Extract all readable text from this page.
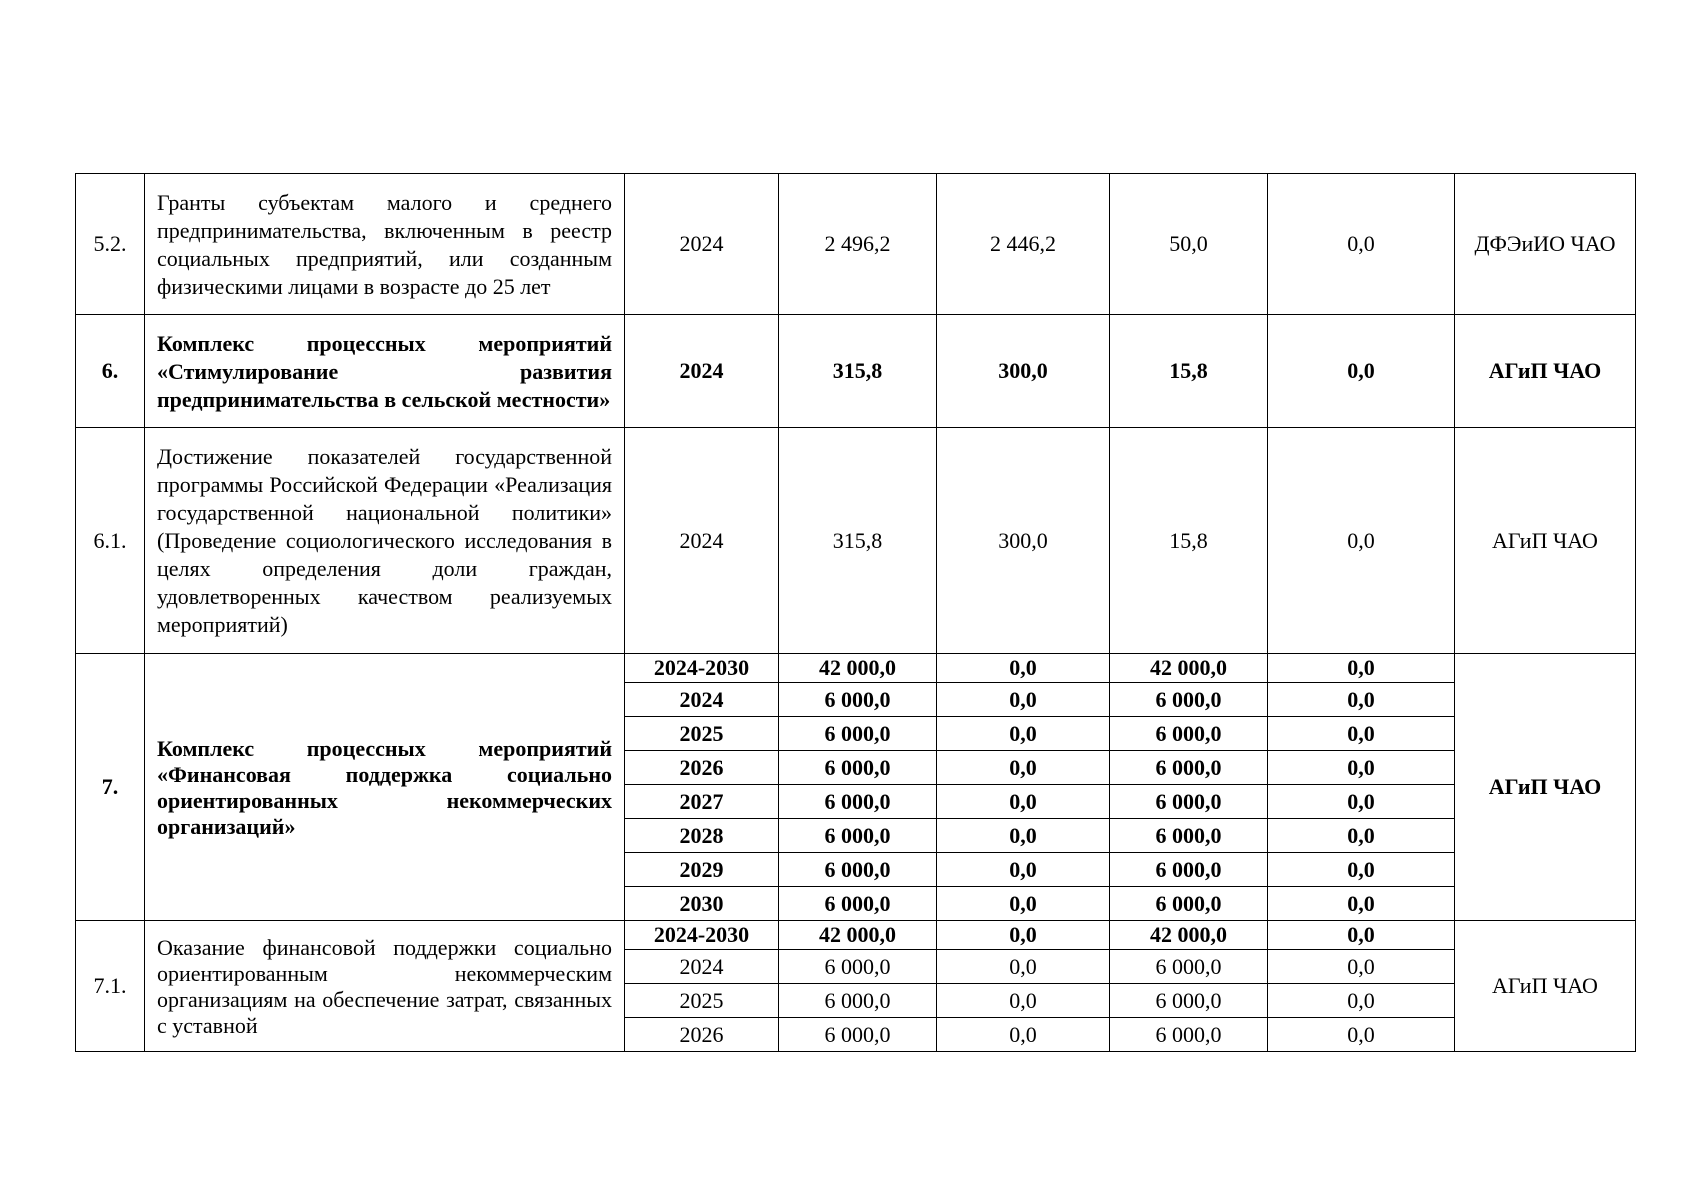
5.2.	Гранты субъектам малого и среднего предпринимательства, включенным в реестр социальных предприятий, или созданным физическими лицами в возрасте до 25 лет	2024	2 496,2	2 446,2	50,0	0,0	ДФЭиИО ЧАО
6.	Комплекс процессных мероприятий «Стимулирование развития предпринимательства в сельской местности»	2024	315,8	300,0	15,8	0,0	АГиП ЧАО
6.1.	Достижение показателей государственной программы Российской Федерации «Реализация государственной национальной политики» (Проведение социологического исследования в целях определения доли граждан, удовлетворенных качеством реализуемых мероприятий)	2024	315,8	300,0	15,8	0,0	АГиП ЧАО
7.	Комплекс процессных мероприятий «Финансовая поддержка социально ориентированных некоммерческих организаций»	2024-2030	42 000,0	0,0	42 000,0	0,0	АГиП ЧАО
		2024	6 000,0	0,0	6 000,0	0,0	
		2025	6 000,0	0,0	6 000,0	0,0	
		2026	6 000,0	0,0	6 000,0	0,0	
		2027	6 000,0	0,0	6 000,0	0,0	
		2028	6 000,0	0,0	6 000,0	0,0	
		2029	6 000,0	0,0	6 000,0	0,0	
		2030	6 000,0	0,0	6 000,0	0,0	
7.1.	Оказание финансовой поддержки социально ориентированным некоммерческим организациям на обеспечение затрат, связанных с уставной	2024-2030	42 000,0	0,0	42 000,0	0,0	АГиП ЧАО
		2024	6 000,0	0,0	6 000,0	0,0	
		2025	6 000,0	0,0	6 000,0	0,0	
		2026	6 000,0	0,0	6 000,0	0,0	
